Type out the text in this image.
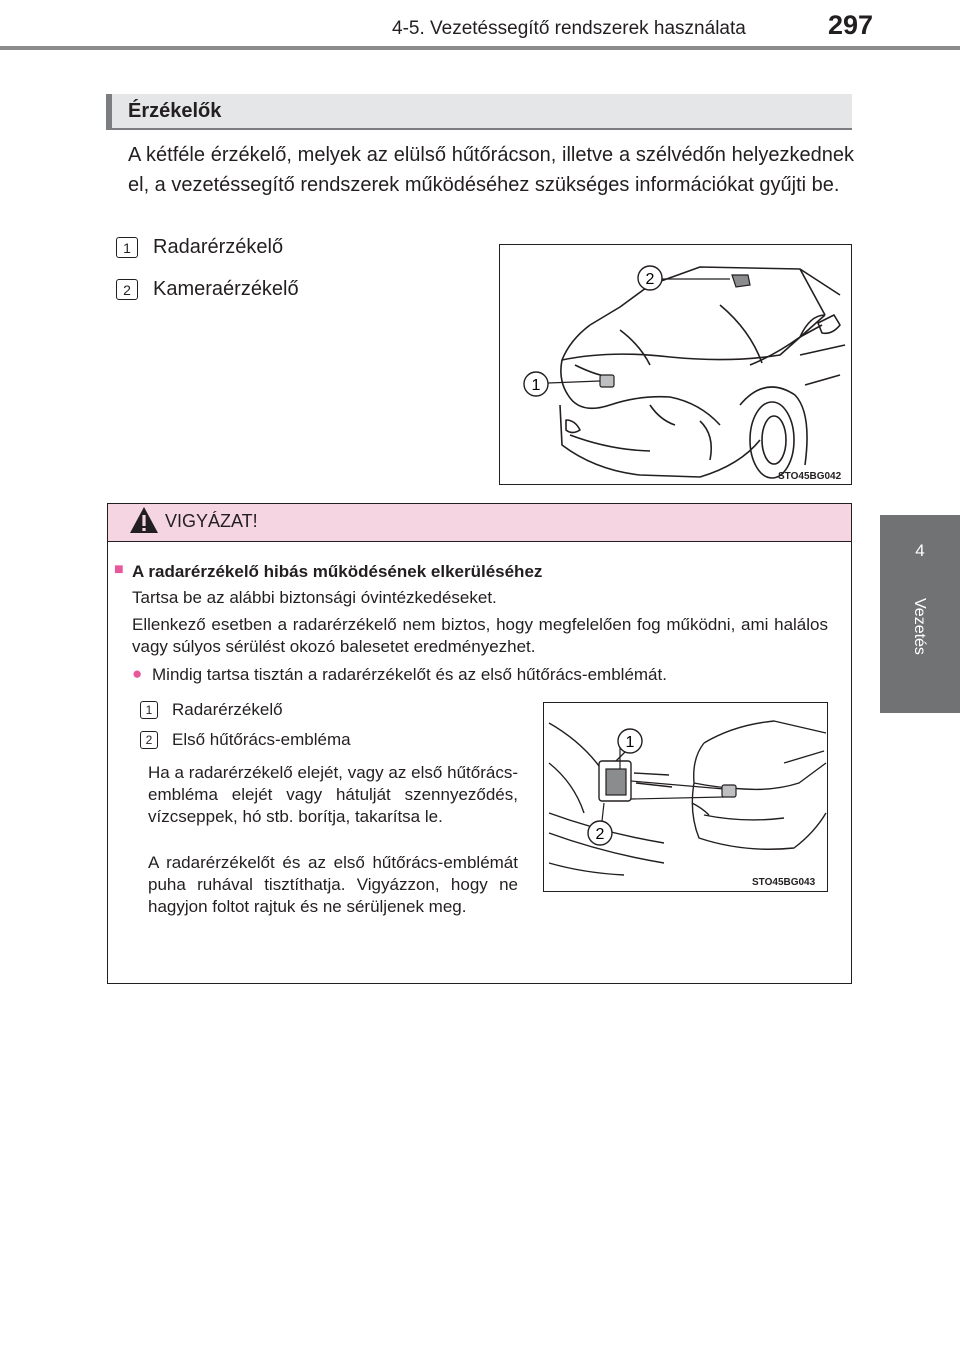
4-5. Vezetéssegítő rendszerek használata	297
4
Vezetés
Érzékelők
A kétféle érzékelő, melyek az elülső hűtőrácson, illetve a szélvédőn helyezkednek el, a vezetéssegítő rendszerek működéséhez szükséges információkat gyűjti be.
1	Radarérzékelő
2	Kameraérzékelő	2
1
STO45BG042
VIGYÁZAT!
■ A radarérzékelő hibás működésének elkerüléséhez
Tartsa be az alábbi biztonsági óvintézkedéseket.
Ellenkező esetben a radarérzékelő nem biztos, hogy megfelelően fog működni, ami halálos vagy súlyos sérülést okozó balesetet eredményezhet.
● Mindig tartsa tisztán a radarérzékelőt és az első hűtőrács-emblémát.
1	Radarérzékelő
2	Első hűtőrács-embléma
Ha a radarérzékelő elejét, vagy az első hűtőrács-embléma elejét vagy hátulját szennyeződés, vízcseppek, hó stb. borítja, takarítsa le.
A radarérzékelőt és az első hűtőrács-emblémát puha ruhával tisztíthatja. Vigyázzon, hogy ne hagyjon foltot rajtuk és ne sérüljenek meg.
1
2
STO45BG043
